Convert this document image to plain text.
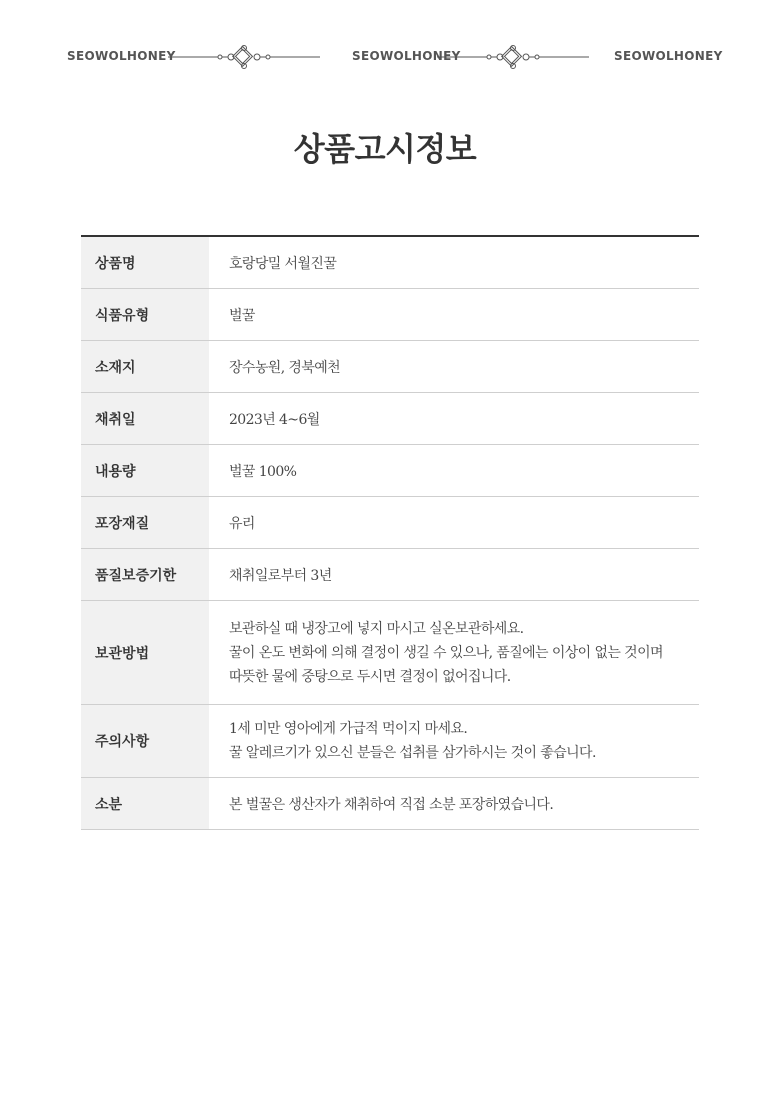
SEOWOLHONEY	SEOWOLHONEY	SEOWOLHONEY
상품고시정보
상품명	호랑당밀 서월진꿀
식품유형	벌꿀
소재지	장수농원, 경북예천
채취일	2023년 4~6월
내용량	벌꿀 100%
포장재질	유리
품질보증기한	채취일로부터 3년
보관방법	보관하실 때 냉장고에 넣지 마시고 실온보관하세요.
꿀이 온도 변화에 의해 결정이 생길 수 있으나, 품질에는 이상이 없는 것이며
따뜻한 물에 중탕으로 두시면 결정이 없어집니다.

주의사항	1세 미만 영아에게 가급적 먹이지 마세요.
꿀 알레르기가 있으신 분들은 섭취를 삼가하시는 것이 좋습니다.

소분	본 벌꿀은 생산자가 채취하여 직접 소분 포장하였습니다.
